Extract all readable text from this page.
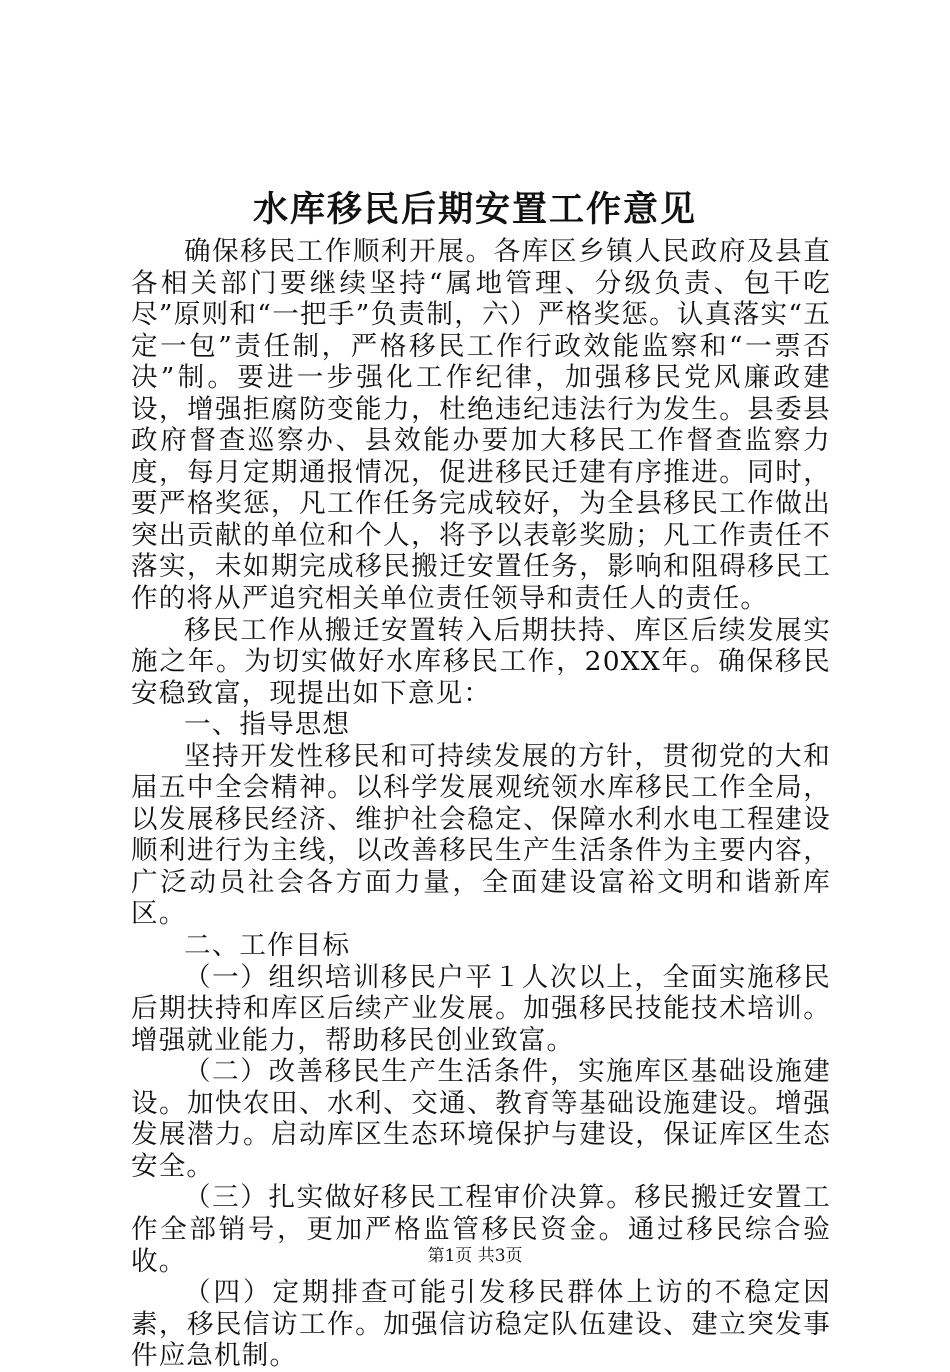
水库移民后期安置工作意见

确保移民工作顺利开展。各库区乡镇人民政府及县直各相关部门要继续坚持“属地管理、分级负责、包干吃尽”原则和“一把手”负责制，六）严格奖惩。认真落实“五定一包”责任制，严格移民工作行政效能监察和“一票否决”制。要进一步强化工作纪律，加强移民党风廉政建设，增强拒腐防变能力，杜绝违纪违法行为发生。县委县政府督查巡察办、县效能办要加大移民工作督查监察力度，每月定期通报情况，促进移民迁建有序推进。同时，要严格奖惩，凡工作任务完成较好，为全县移民工作做出突出贡献的单位和个人，将予以表彰奖励；凡工作责任不落实，未如期完成移民搬迁安置任务，影响和阻碍移民工作的将从严追究相关单位责任领导和责任人的责任。

移民工作从搬迁安置转入后期扶持、库区后续发展实施之年。为切实做好水库移民工作，20XX年。确保移民安稳致富，现提出如下意见：

一、指导思想

坚持开发性移民和可持续发展的方针，贯彻党的大和届五中全会精神。以科学发展观统领水库移民工作全局，以发展移民经济、维护社会稳定、保障水利水电工程建设顺利进行为主线，以改善移民生产生活条件为主要内容，广泛动员社会各方面力量，全面建设富裕文明和谐新库区。

二、工作目标

（一）组织培训移民户平１人次以上，全面实施移民后期扶持和库区后续产业发展。加强移民技能技术培训。增强就业能力，帮助移民创业致富。

（二）改善移民生产生活条件，实施库区基础设施建设。加快农田、水利、交通、教育等基础设施建设。增强发展潜力。启动库区生态环境保护与建设，保证库区生态安全。

（三）扎实做好移民工程审价决算。移民搬迁安置工作全部销号，更加严格监管移民资金。通过移民综合验收。

（四）定期排查可能引发移民群体上访的不稳定因素，移民信访工作。加强信访稳定队伍建设、建立突发事件应急机制。

第1页 共3页
